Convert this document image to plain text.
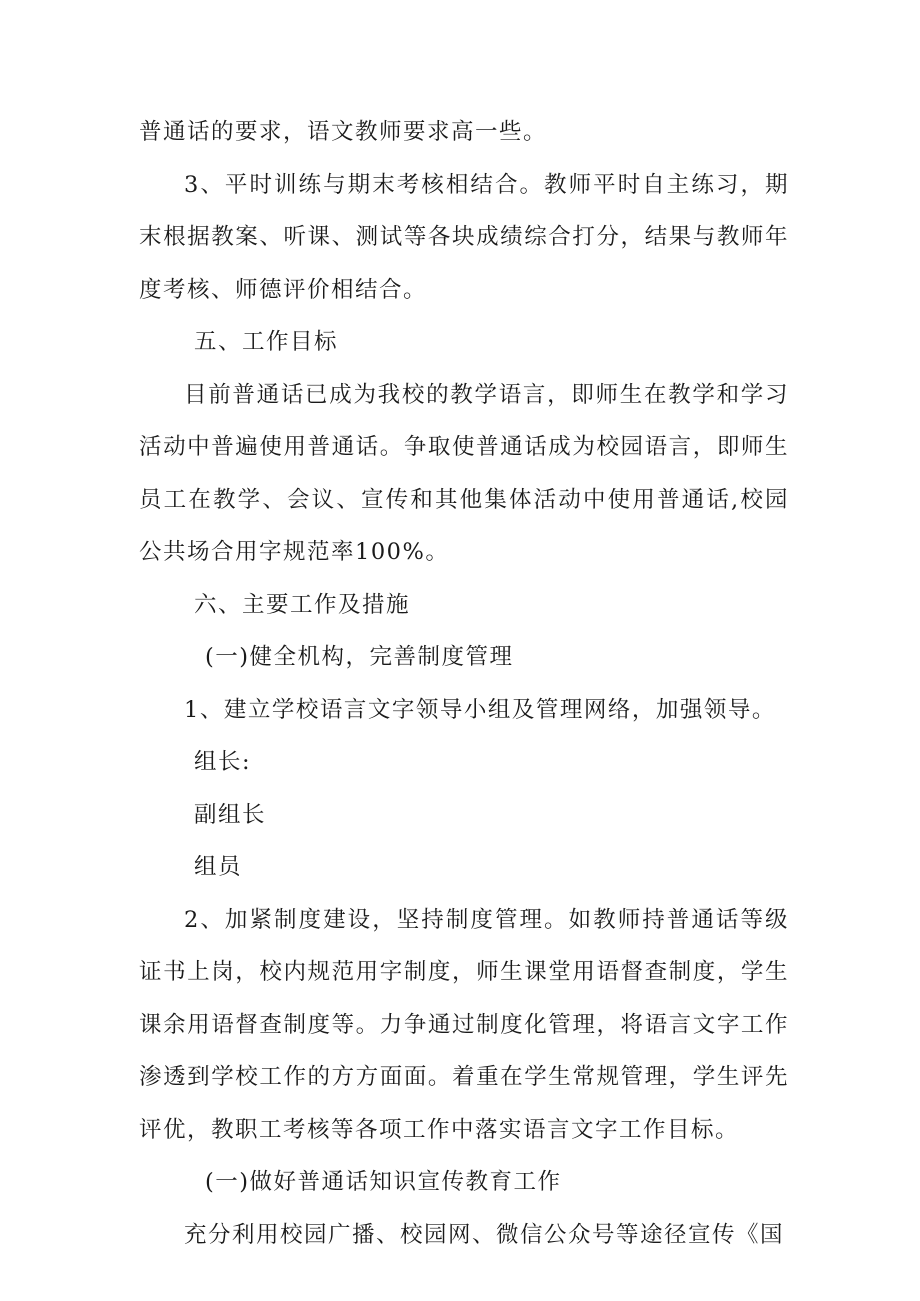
普通话的要求，语文教师要求高一些。

3、平时训练与期末考核相结合。教师平时自主练习，期末根据教案、听课、测试等各块成绩综合打分，结果与教师年度考核、师德评价相结合。

五、工作目标

目前普通话已成为我校的教学语言，即师生在教学和学习活动中普遍使用普通话。争取使普通话成为校园语言，即师生员工在教学、会议、宣传和其他集体活动中使用普通话,校园公共场合用字规范率100%。

六、主要工作及措施

(一)健全机构，完善制度管理

1、建立学校语言文字领导小组及管理网络，加强领导。

组长:

副组长

组员

2、加紧制度建设，坚持制度管理。如教师持普通话等级证书上岗，校内规范用字制度，师生课堂用语督查制度，学生课余用语督查制度等。力争通过制度化管理，将语言文字工作渗透到学校工作的方方面面。着重在学生常规管理，学生评先评优，教职工考核等各项工作中落实语言文字工作目标。

(一)做好普通话知识宣传教育工作

充分利用校园广播、校园网、微信公众号等途径宣传《国
